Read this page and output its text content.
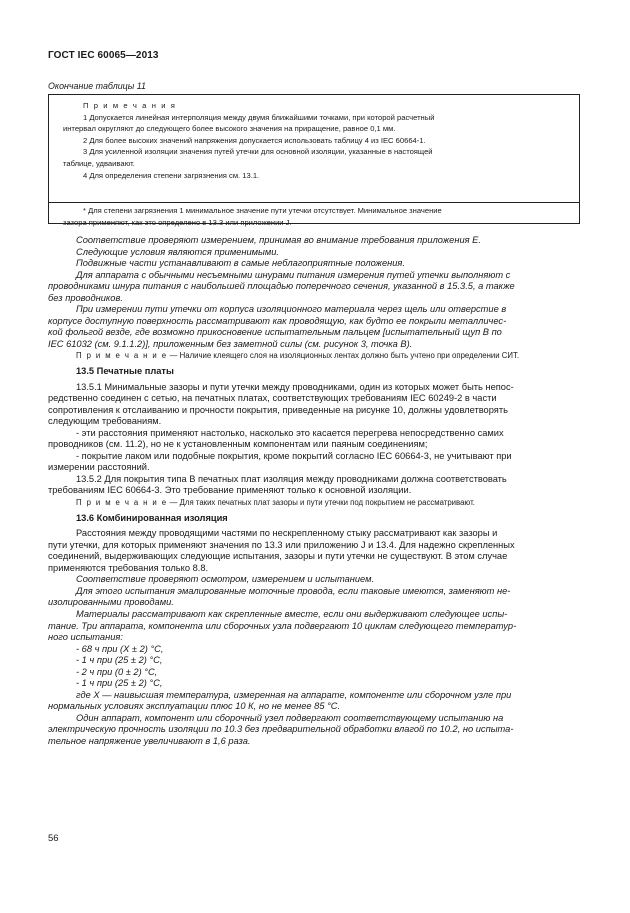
ГОСТ IEC 60065—2013
Окончание таблицы 11
П р и м е ч а н и я
1 Допускается линейная интерполяция между двумя ближайшими точками, при которой расчетный
интервал округляют до следующего более высокого значения на приращение, равное 0,1 мм.
2 Для более высоких значений напряжения допускается использовать таблицу 4 из IEC 60664-1.
3 Для усиленной изоляции значения путей утечки для основной изоляции, указанные в настоящей
таблице, удваивают.
4 Для определения степени загрязнения см. 13.1.
* Для степени загрязнения 1 минимальное значение пути утечки отсутствует. Минимальное значение
зазора применяют, как это определено в 13.3 или приложении J.
Соответствие проверяют измерением, принимая во внимание требования приложения Е.
Следующие условия являются применимыми.
Подвижные части устанавливают в самые неблагоприятные положения.
Для аппарата с обычными несъемными шнурами питания измерения путей утечки выполняют с
проводниками шнура питания с наибольшей площадью поперечного сечения, указанной в 15.3.5, а также
без проводников.
При измерении пути утечки от корпуса изоляционного материала через щель или отверстие в
корпусе доступную поверхность рассматривают как проводящую, как будто ее покрыли металличес-
кой фольгой везде, где возможно прикосновение испытательным пальцем [испытательный щуп В по
IEC 61032 (см. 9.1.1.2)], приложенным без заметной силы (см. рисунок 3, точка В).
П р и м е ч а н и е — Наличие клеящего слоя на изоляционных лентах должно быть учтено при определении СИТ.
13.5 Печатные платы
13.5.1 Минимальные зазоры и пути утечки между проводниками, один из которых может быть непос-
редственно соединен с сетью, на печатных платах, соответствующих требованиям IEC 60249-2 в части
сопротивления к отслаиванию и прочности покрытия, приведенные на рисунке 10, должны удовлетворять
следующим требованиям.
- эти расстояния применяют настолько, насколько это касается перегрева непосредственно самих
проводников (см. 11.2), но не к установленным компонентам или паяным соединениям;
- покрытие лаком или подобные покрытия, кроме покрытий согласно IEC 60664-3, не учитывают при
измерении расстояний.
13.5.2 Для покрытия типа В печатных плат изоляция между проводниками должна соответствовать
требованиям IEC 60664-3. Это требование применяют только к основной изоляции.
П р и м е ч а н и е — Для таких печатных плат зазоры и пути утечки под покрытием не рассматривают.
13.6 Комбинированная изоляция
Расстояния между проводящими частями по нескрепленному стыку рассматривают как зазоры и
пути утечки, для которых применяют значения по 13.3 или приложению J и 13.4. Для надежно скрепленных
соединений, выдерживающих следующие испытания, зазоры и пути утечки не существуют. В этом случае
применяются требования только 8.8.
Соответствие проверяют осмотром, измерением и испытанием.
Для этого испытания эмалированные моточные провода, если таковые имеются, заменяют не-
изолированными проводами.
Материалы рассматривают как скрепленные вместе, если они выдерживают следующее испы-
тание. Три аппарата, компонента или сборочных узла подвергают 10 циклам следующего температур-
ного испытания:
- 68 ч при (X ± 2) °С,
- 1 ч при (25 ± 2) °С,
- 2 ч при (0 ± 2) °С,
- 1 ч при (25 ± 2) °С,
где X — наивысшая температура, измеренная на аппарате, компоненте или сборочном узле при
нормальных условиях эксплуатации плюс 10 К, но не менее 85 °С.
Один аппарат, компонент или сборочный узел подвергают соответствующему испытанию на
электрическую прочность изоляции по 10.3 без предварительной обработки влагой по 10.2, но испыта-
тельное напряжение увеличивают в 1,6 раза.
56
